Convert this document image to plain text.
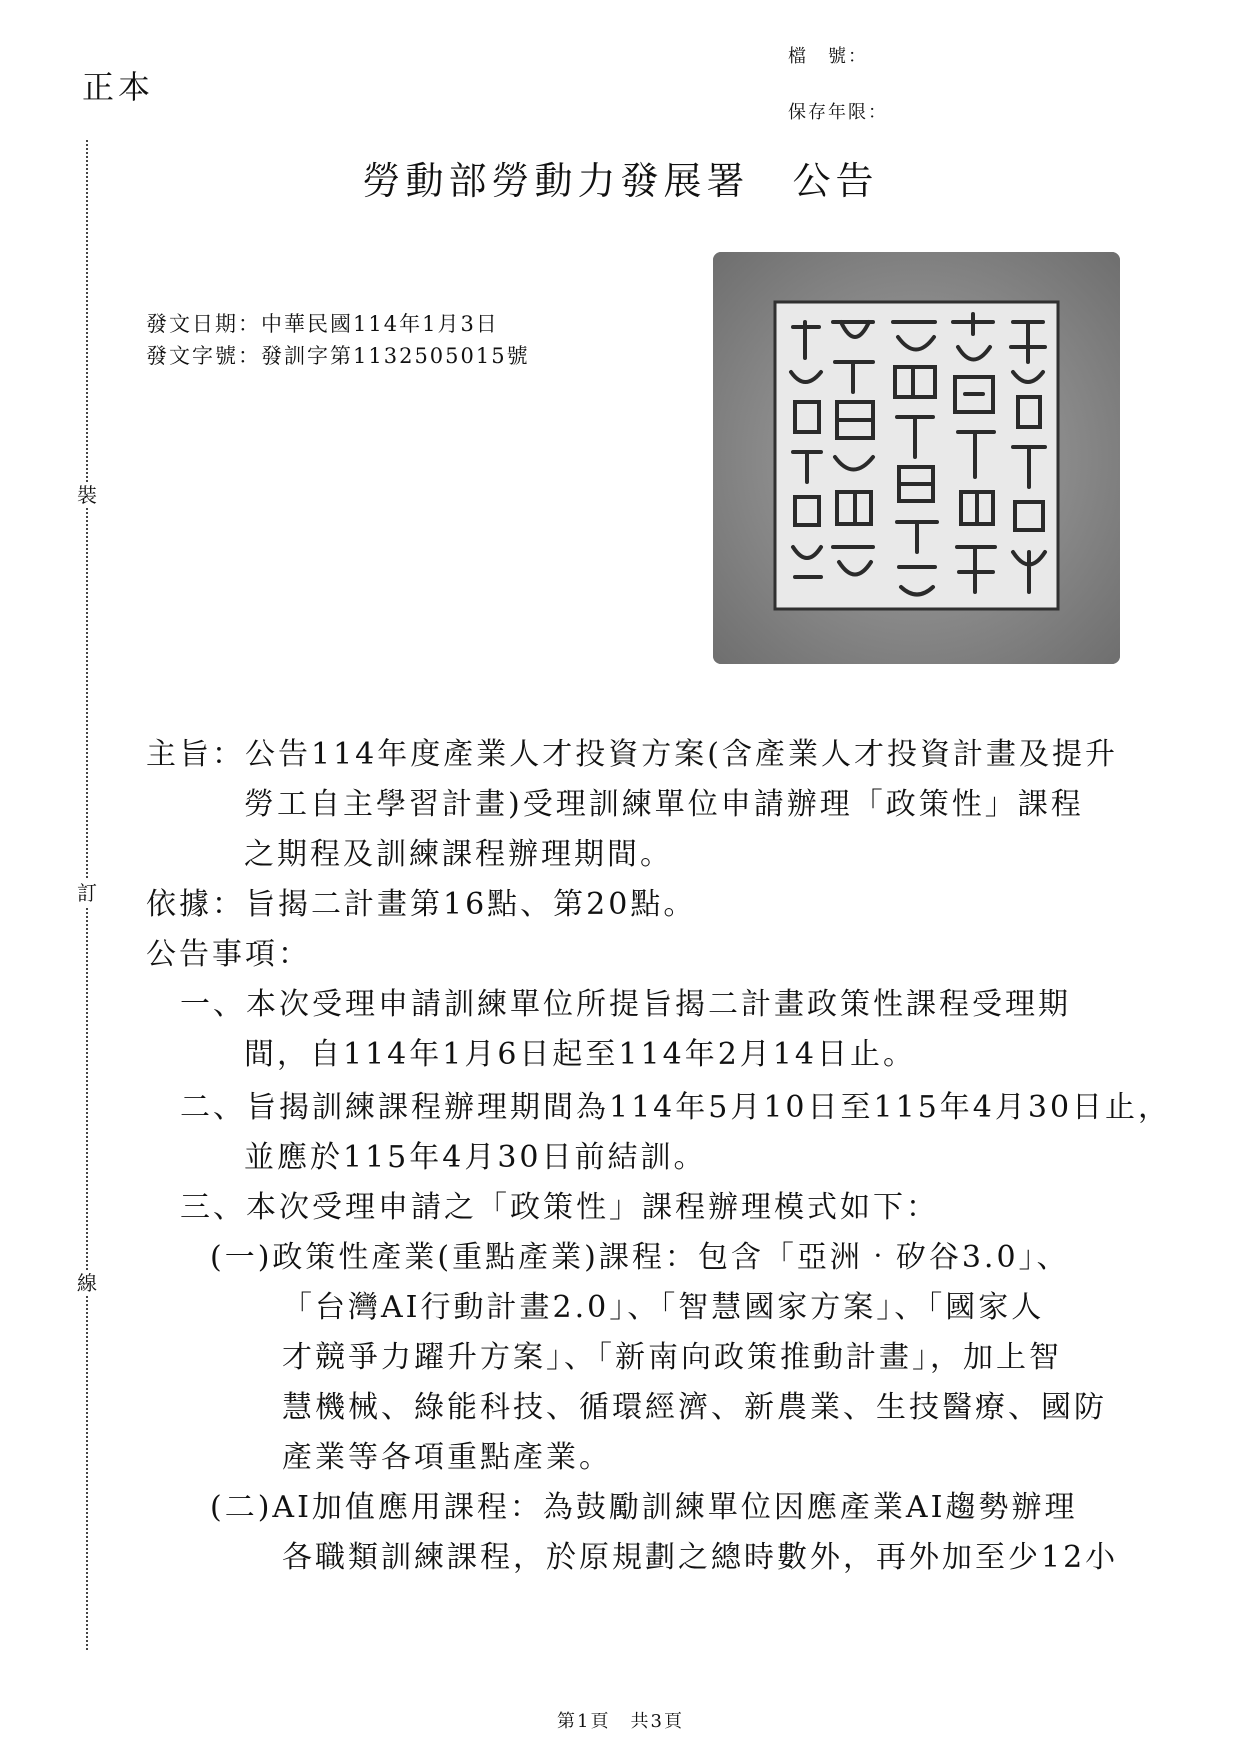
正本
檔　號：
保存年限：
裝
訂
線
勞動部勞動力發展署　公告
發文日期：中華民國114年1月3日
發文字號：發訓字第1132505015號
主旨：公告114年度產業人才投資方案(含產業人才投資計畫及提升
勞工自主學習計畫)受理訓練單位申請辦理「政策性」課程
之期程及訓練課程辦理期間。
依據：旨揭二計畫第16點、第20點。
公告事項：
一、本次受理申請訓練單位所提旨揭二計畫政策性課程受理期
間，自114年1月6日起至114年2月14日止。
二、旨揭訓練課程辦理期間為114年5月10日至115年4月30日止，
並應於115年4月30日前結訓。
三、本次受理申請之「政策性」課程辦理模式如下：
(一)政策性產業(重點產業)課程：包含「亞洲‧矽谷3.0」、
「台灣AI行動計畫2.0」、「智慧國家方案」、「國家人
才競爭力躍升方案」、「新南向政策推動計畫」，加上智
慧機械、綠能科技、循環經濟、新農業、生技醫療、國防
產業等各項重點產業。
(二)AI加值應用課程：為鼓勵訓練單位因應產業AI趨勢辦理
各職類訓練課程，於原規劃之總時數外，再外加至少12小
第1頁　共3頁
